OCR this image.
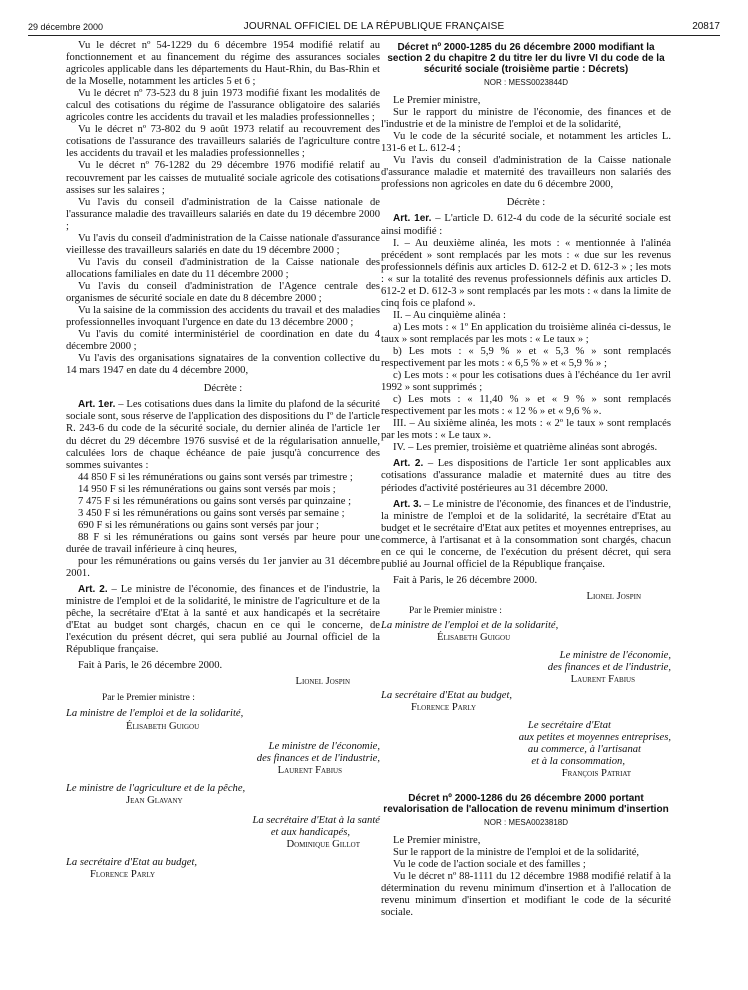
29 décembre 2000	JOURNAL OFFICIEL DE LA RÉPUBLIQUE FRANÇAISE	20817

Vu le décret nº 54-1229 du 6 décembre 1954 modifié relatif au fonctionnement et au financement du régime des assurances sociales agricoles applicable dans les départements du Haut-Rhin, du Bas-Rhin et de la Moselle, notamment les articles 5 et 6 ;

Vu le décret nº 73-523 du 8 juin 1973 modifié fixant les modalités de calcul des cotisations du régime de l'assurance obligatoire des salariés agricoles contre les accidents du travail et les maladies professionnelles ;

Vu le décret nº 73-802 du 9 août 1973 relatif au recouvrement des cotisations de l'assurance des travailleurs salariés de l'agriculture contre les accidents du travail et les maladies professionnelles ;

Vu le décret nº 76-1282 du 29 décembre 1976 modifié relatif au recouvrement par les caisses de mutualité sociale agricole des cotisations assises sur les salaires ;

Vu l'avis du conseil d'administration de la Caisse nationale de l'assurance maladie des travailleurs salariés en date du 19 décembre 2000 ;

Vu l'avis du conseil d'administration de la Caisse nationale d'assurance vieillesse des travailleurs salariés en date du 19 décembre 2000 ;

Vu l'avis du conseil d'administration de la Caisse nationale des allocations familiales en date du 11 décembre 2000 ;

Vu l'avis du conseil d'administration de l'Agence centrale des organismes de sécurité sociale en date du 8 décembre 2000 ;

Vu la saisine de la commission des accidents du travail et des maladies professionnelles invoquant l'urgence en date du 13 décembre 2000 ;

Vu l'avis du comité interministériel de coordination en date du 4 décembre 2000 ;

Vu l'avis des organisations signataires de la convention collective du 14 mars 1947 en date du 4 décembre 2000,

Décrète :

Art. 1er. – Les cotisations dues dans la limite du plafond de la sécurité sociale sont, sous réserve de l'application des dispositions du Iº de l'article R. 243-6 du code de la sécurité sociale, du dernier alinéa de l'article 1er du décret du 29 décembre 1976 susvisé et de la régularisation annuelle, calculées lors de chaque échéance de paie jusqu'à concurrence des sommes suivantes :

44 850 F si les rémunérations ou gains sont versés par trimestre ;

14 950 F si les rémunérations ou gains sont versés par mois ;

7 475 F si les rémunérations ou gains sont versés par quinzaine ;

3 450 F si les rémunérations ou gains sont versés par semaine ;

690 F si les rémunérations ou gains sont versés par jour ;

88 F si les rémunérations ou gains sont versés par heure pour une durée de travail inférieure à cinq heures,

pour les rémunérations ou gains versés du 1er janvier au 31 décembre 2001.

Art. 2. – Le ministre de l'économie, des finances et de l'industrie, la ministre de l'emploi et de la solidarité, le ministre de l'agriculture et de la pêche, la secrétaire d'Etat à la santé et aux handicapés et la secrétaire d'Etat au budget sont chargés, chacun en ce qui le concerne, de l'exécution du présent décret, qui sera publié au Journal officiel de la République française.

Fait à Paris, le 26 décembre 2000.

Lionel Jospin

Par le Premier ministre :

La ministre de l'emploi et de la solidarité,

Élisabeth Guigou

Le ministre de l'économie,

des finances et de l'industrie,

Laurent Fabius

Le ministre de l'agriculture et de la pêche,

Jean Glavany

La secrétaire d'Etat à la santé

et aux handicapés,

Dominique Gillot

La secrétaire d'Etat au budget,

Florence Parly

Décret nº 2000-1285 du 26 décembre 2000 modifiant la section 2 du chapitre 2 du titre Ier du livre VI du code de la sécurité sociale (troisième partie : Décrets)

NOR : MESS0023844D

Le Premier ministre,

Sur le rapport du ministre de l'économie, des finances et de l'industrie et de la ministre de l'emploi et de la solidarité,

Vu le code de la sécurité sociale, et notamment les articles L. 131-6 et L. 612-4 ;

Vu l'avis du conseil d'administration de la Caisse nationale d'assurance maladie et maternité des travailleurs non salariés des professions non agricoles en date du 6 décembre 2000,

Décrète :

Art. 1er. – L'article D. 612-4 du code de la sécurité sociale est ainsi modifié :

I. – Au deuxième alinéa, les mots : « mentionnée à l'alinéa précédent » sont remplacés par les mots : « due sur les revenus professionnels définis aux articles D. 612-2 et D. 612-3 » ; les mots : « sur la totalité des revenus professionnels définis aux articles D. 612-2 et D. 612-3 » sont remplacés par les mots : « dans la limite de cinq fois ce plafond ».

II. – Au cinquième alinéa :

a) Les mots : « 1º En application du troisième alinéa ci-dessus, le taux » sont remplacés par les mots : « Le taux » ;

b) Les mots : « 5,9 % » et « 5,3 % » sont remplacés respectivement par les mots : « 6,5 % » et « 5,9 % » ;

c) Les mots : « pour les cotisations dues à l'échéance du 1er avril 1992 » sont supprimés ;

c) Les mots : « 11,40 % » et « 9 % » sont remplacés respectivement par les mots : « 12 % » et « 9,6 % ».

III. – Au sixième alinéa, les mots : « 2º le taux » sont remplacés par les mots : « Le taux ».

IV. – Les premier, troisième et quatrième alinéas sont abrogés.

Art. 2. – Les dispositions de l'article 1er sont applicables aux cotisations d'assurance maladie et maternité dues au titre des périodes d'activité postérieures au 31 décembre 2000.

Art. 3. – Le ministre de l'économie, des finances et de l'industrie, la ministre de l'emploi et de la solidarité, la secrétaire d'Etat au budget et le secrétaire d'Etat aux petites et moyennes entreprises, au commerce, à l'artisanat et à la consommation sont chargés, chacun en ce qui le concerne, de l'exécution du présent décret, qui sera publié au Journal officiel de la République française.

Fait à Paris, le 26 décembre 2000.

Lionel Jospin

Par le Premier ministre :

La ministre de l'emploi et de la solidarité,

Élisabeth Guigou

Le ministre de l'économie,

des finances et de l'industrie,

Laurent Fabius

La secrétaire d'Etat au budget,

Florence Parly

Le secrétaire d'Etat

aux petites et moyennes entreprises,

au commerce, à l'artisanat

et à la consommation,

François Patriat

Décret nº 2000-1286 du 26 décembre 2000 portant revalorisation de l'allocation de revenu minimum d'insertion

NOR : MESA0023818D

Le Premier ministre,

Sur le rapport de la ministre de l'emploi et de la solidarité,

Vu le code de l'action sociale et des familles ;

Vu le décret nº 88-1111 du 12 décembre 1988 modifié relatif à la détermination du revenu minimum d'insertion et à l'allocation de revenu minimum d'insertion et modifiant le code de la sécurité sociale.
